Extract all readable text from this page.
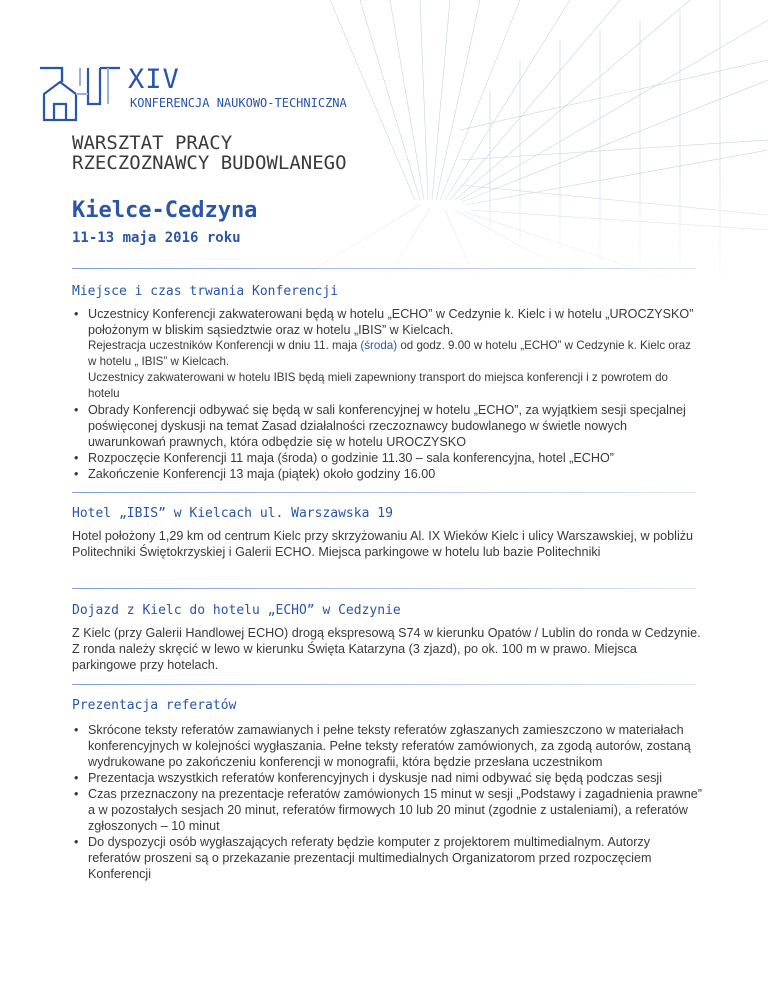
XIV
KONFERENCJA NAUKOWO-TECHNICZNA
WARSZTAT PRACY
RZECZOZNAWCY BUDOWLANEGO
Kielce-Cedzyna
11-13 maja 2016 roku
Miejsce i czas trwania Konferencji
• Uczestnicy Konferencji zakwaterowani będą w hotelu „ECHO” w Cedzynie k. Kielc i w hotelu „UROCZYSKO” położonym w bliskim sąsiedztwie oraz w hotelu „IBIS” w Kielcach.
Rejestracja uczestników Konferencji w dniu 11. maja (środa) od godz. 9.00 w hotelu „ECHO” w Cedzynie k. Kielc oraz w hotelu „ IBIS” w Kielcach.
Uczestnicy zakwaterowani w hotelu IBIS będą mieli zapewniony transport do miejsca konferencji i z powrotem do hotelu
• Obrady Konferencji odbywać się będą w sali konferencyjnej w hotelu „ECHO”, za wyjątkiem sesji specjalnej poświęconej dyskusji na temat Zasad działalności rzeczoznawcy budowlanego w świetle nowych uwarunkowań prawnych, która odbędzie się w hotelu UROCZYSKO
• Rozpoczęcie Konferencji 11 maja (środa) o godzinie 11.30 – sala konferencyjna, hotel „ECHO”
• Zakończenie Konferencji 13 maja (piątek) około godziny 16.00
Hotel „IBIS” w Kielcach ul. Warszawska 19

Hotel położony 1,29 km od centrum Kielc przy skrzyżowaniu Al. IX Wieków Kielc i ulicy Warszawskiej, w pobliżu Politechniki Świętokrzyskiej i Galerii ECHO. Miejsca parkingowe w hotelu lub bazie Politechniki

Dojazd z Kielc do hotelu „ECHO” w Cedzynie

Z Kielc (przy Galerii Handlowej ECHO) drogą ekspresową S74 w kierunku Opatów / Lublin do ronda w Cedzynie. Z ronda należy skręcić w lewo w kierunku Święta Katarzyna (3 zjazd), po ok. 100 m w prawo. Miejsca parkingowe przy hotelach.

Prezentacja referatów
• Skrócone teksty referatów zamawianych i pełne teksty referatów zgłaszanych zamieszczono w materiałach konferencyjnych w kolejności wygłaszania. Pełne teksty referatów zamówionych, za zgodą autorów, zostaną wydrukowane po zakończeniu konferencji w monografii, która będzie przesłana uczestnikom
• Prezentacja wszystkich referatów konferencyjnych i dyskusje nad nimi odbywać się będą podczas sesji
• Czas przeznaczony na prezentacje referatów zamówionych 15 minut w sesji „Podstawy i zagadnienia prawne” a w pozostałych sesjach 20 minut, referatów firmowych 10 lub 20 minut (zgodnie z ustaleniami), a referatów zgłoszonych – 10 minut
• Do dyspozycji osób wygłaszających referaty będzie komputer z projektorem multimedialnym. Autorzy referatów proszeni są o przekazanie prezentacji multimedialnych Organizatorom przed rozpoczęciem Konferencji
